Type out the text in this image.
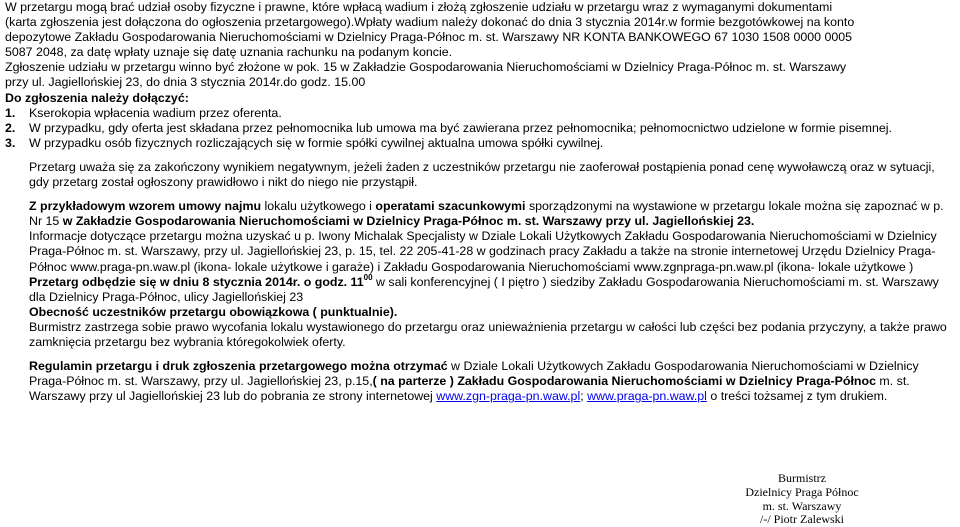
W przetargu mogą brać udział osoby fizyczne i prawne, które wpłacą wadium i złożą zgłoszenie udziału w przetargu wraz z wymaganymi dokumentami

(karta zgłoszenia jest dołączona do ogłoszenia przetargowego).Wpłaty wadium należy dokonać do dnia 3 stycznia 2014r.w formie bezgotówkowej na konto

depozytowe Zakładu Gospodarowania Nieruchomościami w Dzielnicy Praga-Północ m. st. Warszawy NR KONTA BANKOWEGO 67 1030 1508 0000 0005

5087 2048, za datę wpłaty uznaje się datę uznania rachunku na podanym koncie.

Zgłoszenie udziału w przetargu winno być złożone w pok. 15 w Zakładzie Gospodarowania Nieruchomościami w Dzielnicy Praga-Północ m. st. Warszawy

przy ul. Jagiellońskiej 23, do dnia 3 stycznia 2014r.do godz. 15.00

Do zgłoszenia należy dołączyć:

1.	Kserokopia wpłacenia wadium przez oferenta.
2.	W przypadku, gdy oferta jest składana przez pełnomocnika lub umowa ma być zawierana przez pełnomocnika; pełnomocnictwo udzielone w formie pisemnej.
3.	W przypadku osób fizycznych rozliczających się w formie spółki cywilnej aktualna umowa spółki cywilnej.

Przetarg uważa się za zakończony wynikiem negatywnym, jeżeli żaden z uczestników przetargu nie zaoferował postąpienia ponad cenę wywoławczą oraz w sytuacji, gdy przetarg został ogłoszony prawidłowo i nikt do niego nie przystąpił.

Z przykładowym wzorem umowy najmu lokalu użytkowego i operatami szacunkowymi sporządzonymi na wystawione w przetargu lokale można się zapoznać w p. Nr 15 w Zakładzie Gospodarowania Nieruchomościami w Dzielnicy Praga-Północ m. st. Warszawy przy ul. Jagiellońskiej 23.

Informacje dotyczące przetargu można uzyskać u p. Iwony Michalak Specjalisty w Dziale Lokali Użytkowych Zakładu Gospodarowania Nieruchomościami w Dzielnicy Praga-Północ m. st. Warszawy, przy ul. Jagiellońskiej 23, p. 15, tel. 22 205-41-28 w godzinach pracy Zakładu a także na stronie internetowej Urzędu Dzielnicy Praga-Północ www.praga-pn.waw.pl (ikona- lokale użytkowe i garaże) i Zakładu Gospodarowania Nieruchomościami www.zgnpraga-pn.waw.pl (ikona- lokale użytkowe )

Przetarg odbędzie się w dniu 8 stycznia 2014r. o godz. $11^{00}$ w sali konferencyjnej ( I piętro ) siedziby Zakładu Gospodarowania Nieruchomościami m. st. Warszawy dla Dzielnicy Praga-Północ, ulicy Jagiellońskiej 23

Obecność uczestników przetargu obowiązkowa ( punktualnie).

Burmistrz zastrzega sobie prawo wycofania lokalu wystawionego do przetargu oraz unieważnienia przetargu w całości lub części bez podania przyczyny, a także prawo zamknięcia przetargu bez wybrania któregokolwiek oferty.

Regulamin przetargu i druk zgłoszenia przetargowego można otrzymać w Dziale Lokali Użytkowych Zakładu Gospodarowania Nieruchomościami w Dzielnicy Praga-Północ m. st. Warszawy, przy ul. Jagiellońskiej 23, p.15,( na parterze ) Zakładu Gospodarowania Nieruchomościami w Dzielnicy Praga-Północ m. st. Warszawy przy ul Jagiellońskiej 23 lub do pobrania ze strony internetowej www.zgn-praga-pn.waw.pl; www.praga-pn.waw.pl o treści tożsamej z tym drukiem.

Burmistrz
Dzielnicy Praga Północ
m. st. Warszawy
/-/ Piotr Zalewski
